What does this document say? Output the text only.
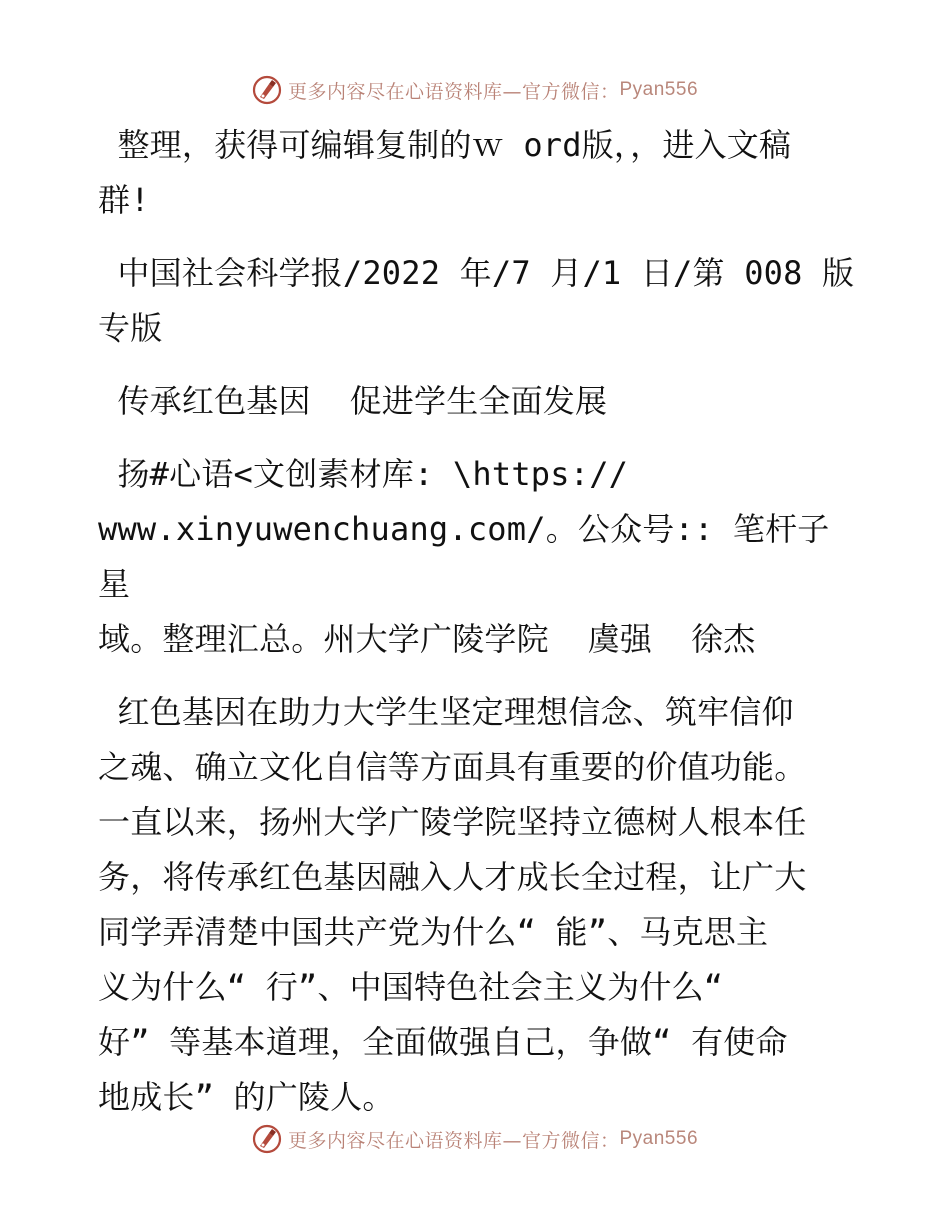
更多内容尽在心语资料库—官方微信： Pyan556

整理，获得可编辑复制的ｗ ord版，，进入文稿
群!

中国社会科学报/2022 年/7 月/1 日/第 008 版
专版

传承红色基因  促进学生全面发展

扬#心语<文创素材库: \https://
www.xinyuwenchuang.com/。公众号:: 笔杆子星
域。整理汇总。州大学广陵学院  虞强  徐杰

红色基因在助力大学生坚定理想信念、筑牢信仰
之魂、确立文化自信等方面具有重要的价值功能。
一直以来，扬州大学广陵学院坚持立德树人根本任
务，将传承红色基因融入人才成长全过程，让广大
同学弄清楚中国共产党为什么“ 能”、马克思主
义为什么“ 行”、中国特色社会主义为什么“
好” 等基本道理，全面做强自己，争做“ 有使命
地成长” 的广陵人。

更多内容尽在心语资料库—官方微信： Pyan556
